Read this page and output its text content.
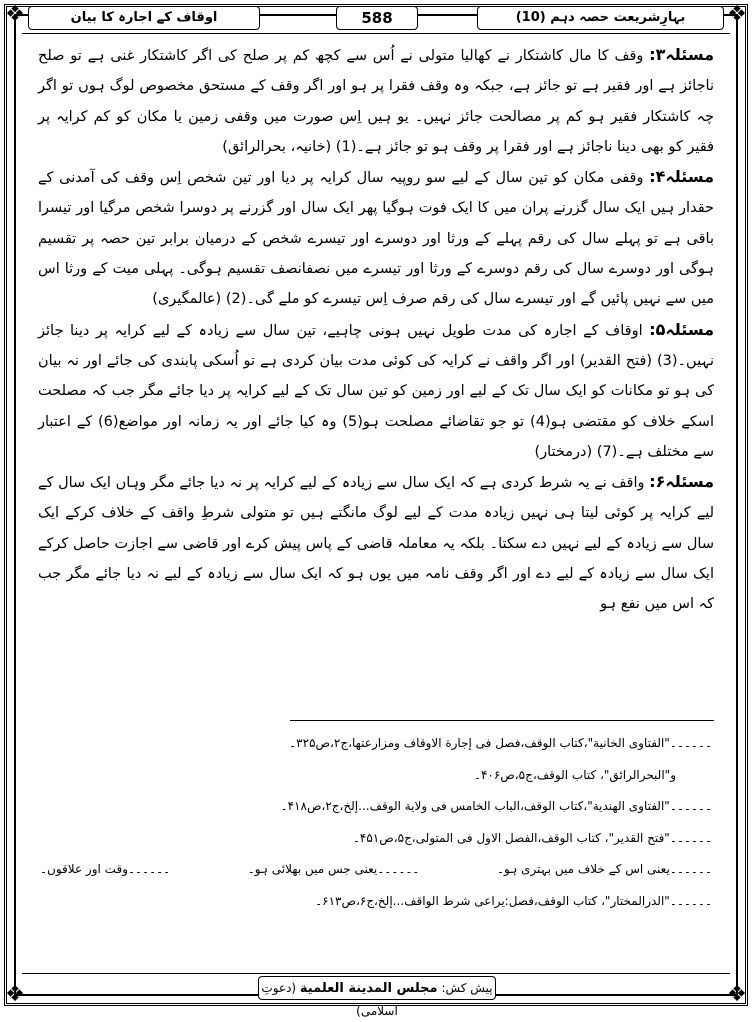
❖	❖
❖	❖
بہارِشریعت حصہ دہم (10)
588
اوقاف کے اجارہ کا بیان

مسئلہ۳: وقف کا مال کاشتکار نے کھالیا متولی نے اُس سے کچھ کم پر صلح کی اگر کاشتکار غنی ہے تو صلح ناجائز ہے اور فقیر ہے تو جائز ہے، جبکہ وہ وقف فقرا پر ہو اور اگر وقف کے مستحق مخصوص لوگ ہوں تو اگر چہ کاشتکار فقیر ہو کم پر مصالحت جائز نہیں۔ یو ہیں اِس صورت میں وقفی زمین یا مکان کو کم کرایہ پر فقیر کو بھی دینا ناجائز ہے اور فقرا پر وقف ہو تو جائز ہے۔(1) (خانیہ، بحرالرائق)

مسئلہ۴: وقفی مکان کو تین سال کے لیے سو روپیہ سال کرایہ پر دیا اور تین شخص اِس وقف کی آمدنی کے حقدار ہیں ایک سال گزرنے پران میں کا ایک فوت ہوگیا پھر ایک سال اور گزرنے پر دوسرا شخص مرگیا اور تیسرا باقی ہے تو پہلے سال کی رقم پہلے کے ورثا اور دوسرے اور تیسرے شخص کے درمیان برابر تین حصہ پر تقسیم ہوگی اور دوسرے سال کی رقم دوسرے کے ورثا اور تیسرے میں نصفانصف تقسیم ہوگی۔ پہلی میت کے ورثا اس میں سے نہیں پائیں گے اور تیسرے سال کی رقم صرف اِس تیسرے کو ملے گی۔(2) (عالمگیری)

مسئلہ۵: اوقاف کے اجارہ کی مدت طویل نہیں ہونی چاہیے، تین سال سے زیادہ کے لیے کرایہ پر دینا جائز نہیں۔(3) (فتح القدیر) اور اگر واقف نے کرایہ کی کوئی مدت بیان کردی ہے تو اُسکی پابندی کی جائے اور نہ بیان کی ہو تو مکانات کو ایک سال تک کے لیے اور زمین کو تین سال تک کے لیے کرایہ پر دیا جائے مگر جب کہ مصلحت اسکے خلاف کو مقتضی ہو(4) تو جو تقاضائے مصلحت ہو(5) وہ کیا جائے اور یہ زمانہ اور مواضع(6) کے اعتبار سے مختلف ہے۔(7) (درمختار)

مسئلہ۶: واقف نے یہ شرط کردی ہے کہ ایک سال سے زیادہ کے لیے کرایہ پر نہ دیا جائے مگر وہاں ایک سال کے لیے کرایہ پر کوئی لیتا ہی نہیں زیادہ مدت کے لیے لوگ مانگتے ہیں تو متولی شرطِ واقف کے خلاف کرکے ایک سال سے زیادہ کے لیے نہیں دے سکتا۔ بلکہ یہ معاملہ قاضی کے پاس پیش کرے اور قاضی سے اجازت حاصل کرکے ایک سال سے زیادہ کے لیے دے اور اگر وقف نامہ میں یوں ہو کہ ایک سال سے زیادہ کے لیے نہ دیا جائے مگر جب کہ اس میں نفع ہو

۔۔۔۔۔۔"الفتاوی الخانیة"،کتاب الوقف،فصل فی إجارة الاوقاف ومزارعتها،ج۲،ص۳۲۵۔
و"البحرالرائق"، کتاب الوقف،ج۵،ص۴۰۶۔
۔۔۔۔۔۔"الفتاوی الهندیة"،کتاب الوقف،الباب الخامس فی ولایة الوقف...إلخ،ج۲،ص۴۱۸۔
۔۔۔۔۔۔"فتح القدیر"، کتاب الوقف،الفصل الاول فی المتولی،ج۵،ص۴۵۱۔
۔۔۔۔۔۔یعنی اس کے خلاف میں بہتری ہو۔
۔۔۔۔۔۔یعنی جس میں بھلائی ہو۔
۔۔۔۔۔۔وقت اور علاقوں۔
۔۔۔۔۔۔"الدرالمختار"، کتاب الوقف،فصل:یراعی شرط الواقف...إلخ،ج۶،ص۶۱۳۔
پیش کش: مجلس المدینة العلمیة (دعوتِ اسلامی)
